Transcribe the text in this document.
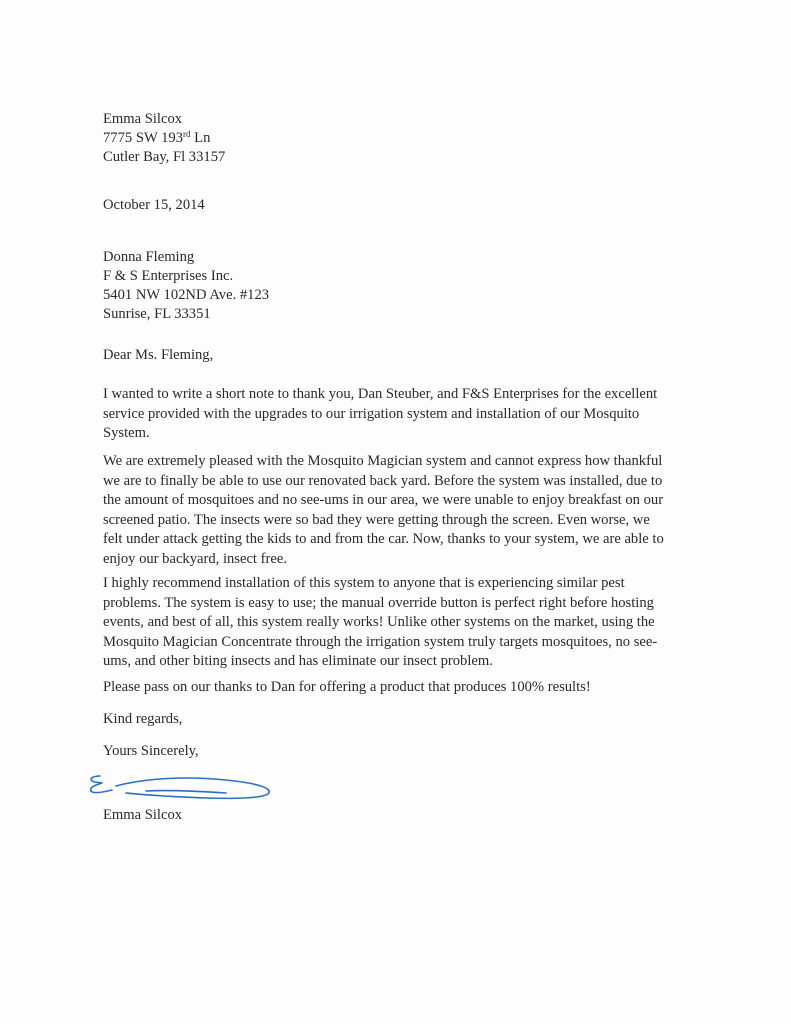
Emma Silcox
7775 SW 193rd Ln
Cutler Bay, Fl 33157
October 15, 2014
Donna Fleming
F & S Enterprises Inc.
5401 NW 102ND Ave. #123
Sunrise, FL 33351
Dear Ms. Fleming,
I wanted to write a short note to thank you, Dan Steuber, and F&S Enterprises for the excellent
service provided with the upgrades to our irrigation system and installation of our Mosquito
System.
We are extremely pleased with the Mosquito Magician system and cannot express how thankful
we are to finally be able to use our renovated back yard. Before the system was installed, due to
the amount of mosquitoes and no see-ums in our area, we were unable to enjoy breakfast on our
screened patio. The insects were so bad they were getting through the screen. Even worse, we
felt under attack getting the kids to and from the car. Now, thanks to your system, we are able to
enjoy our backyard, insect free.
I highly recommend installation of this system to anyone that is experiencing similar pest
problems. The system is easy to use; the manual override button is perfect right before hosting
events, and best of all, this system really works! Unlike other systems on the market, using the
Mosquito Magician Concentrate through the irrigation system truly targets mosquitoes, no see-
ums, and other biting insects and has eliminate our insect problem.
Please pass on our thanks to Dan for offering a product that produces 100% results!
Kind regards,
Yours Sincerely,
Emma Silcox
